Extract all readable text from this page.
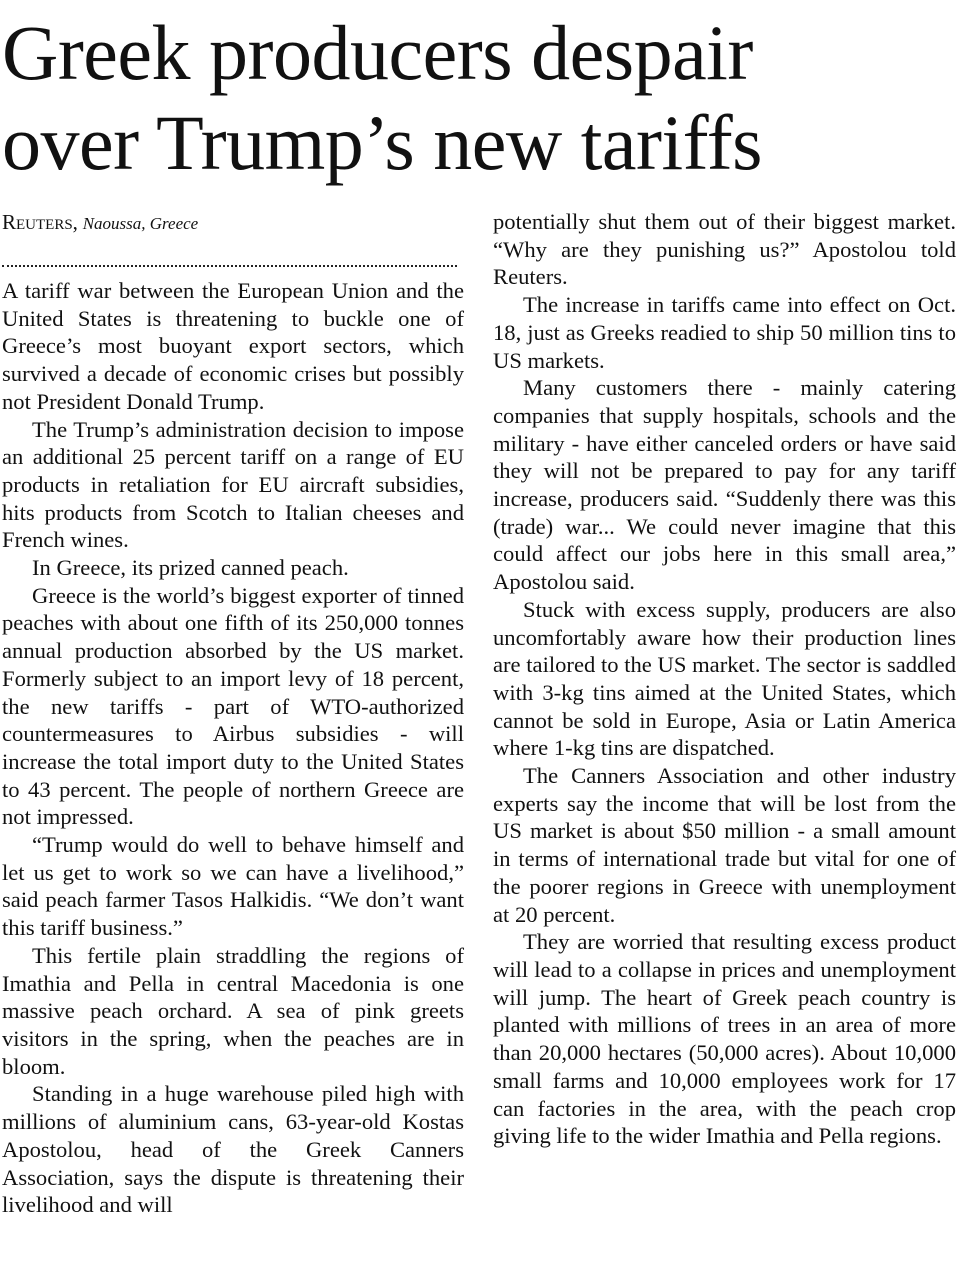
Greek producers despair
over Trump’s new tariffs
Reuters, Naoussa, Greece

A tariff war between the European Union and the United States is threatening to buckle one of Greece’s most buoyant export sectors, which survived a decade of economic crises but possibly not President Donald Trump.

The Trump’s administration decision to impose an additional 25 percent tariff on a range of EU products in retaliation for EU aircraft subsidies, hits products from Scotch to Italian cheeses and French wines.

In Greece, its prized canned peach.

Greece is the world’s biggest exporter of tinned peaches with about one fifth of its 250,000 tonnes annual production absorbed by the US market. Formerly subject to an import levy of 18 percent, the new tariffs - part of WTO-authorized countermeasures to Airbus subsidies - will increase the total import duty to the United States to 43 percent. The people of northern Greece are not impressed.

“Trump would do well to behave himself and let us get to work so we can have a livelihood,” said peach farmer Tasos Halkidis. “We don’t want this tariff business.”

This fertile plain straddling the regions of Imathia and Pella in central Macedonia is one massive peach orchard. A sea of pink greets visitors in the spring, when the peaches are in bloom.

Standing in a huge warehouse piled high with millions of aluminium cans, 63-year-old Kostas Apostolou, head of the Greek Canners Association, says the dispute is threatening their livelihood and will

potentially shut them out of their biggest market. “Why are they punishing us?” Apostolou told Reuters.

The increase in tariffs came into effect on Oct. 18, just as Greeks readied to ship 50 million tins to US markets.

Many customers there - mainly catering companies that supply hospitals, schools and the military - have either canceled orders or have said they will not be prepared to pay for any tariff increase, producers said. “Suddenly there was this (trade) war... We could never imagine that this could affect our jobs here in this small area,” Apostolou said.

Stuck with excess supply, producers are also uncomfortably aware how their production lines are tailored to the US market. The sector is saddled with 3-kg tins aimed at the United States, which cannot be sold in Europe, Asia or Latin America where 1-kg tins are dispatched.

The Canners Association and other industry experts say the income that will be lost from the US market is about $50 million - a small amount in terms of international trade but vital for one of the poorer regions in Greece with unemployment at 20 percent.

They are worried that resulting excess product will lead to a collapse in prices and unemployment will jump. The heart of Greek peach country is planted with millions of trees in an area of more than 20,000 hectares (50,000 acres). About 10,000 small farms and 10,000 employees work for 17 can factories in the area, with the peach crop giving life to the wider Imathia and Pella regions.
